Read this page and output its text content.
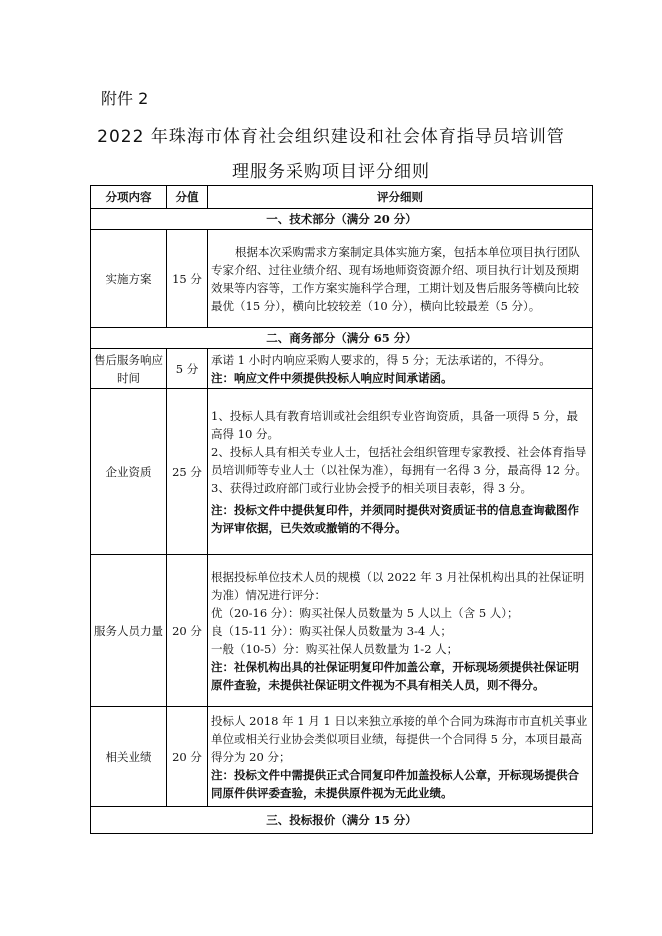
附件 2
2022 年珠海市体育社会组织建设和社会体育指导员培训管
理服务采购项目评分细则
分项内容	分值	评分细则
一、技术部分（满分 20 分）		
实施方案	15 分	根据本次采购需求方案制定具体实施方案，包括本单位项目执行团队专家介绍、过往业绩介绍、现有场地师资资源介绍、项目执行计划及预期效果等内容等，工作方案实施科学合理，工期计划及售后服务等横向比较最优（15 分），横向比较较差（10 分），横向比较最差（5 分）。

二、商务部分（满分 65 分）		
售后服务响应时间	5 分	承诺 1 小时内响应采购人要求的，得 5 分；无法承诺的，不得分。

注：响应文件中须提供投标人响应时间承诺函。

企业资质	25 分	1、投标人具有教育培训或社会组织专业咨询资质，具备一项得 5 分，最高得 10 分。

2、投标人具有相关专业人士，包括社会组织管理专家教授、社会体育指导员培训师等专业人士（以社保为准），每拥有一名得 3 分，最高得 12 分。

3、获得过政府部门或行业协会授予的相关项目表彰，得 3 分。

注：投标文件中提供复印件，并须同时提供对资质证书的信息查询截图作为评审依据，已失效或撤销的不得分。

服务人员力量	20 分	根据投标单位技术人员的规模（以 2022 年 3 月社保机构出具的社保证明为准）情况进行评分：

优（20-16 分）：购买社保人员数量为 5 人以上（含 5 人）；

良（15-11 分）：购买社保人员数量为 3-4 人；

一般（10-5）分：购买社保人员数量为 1-2 人；

注：社保机构出具的社保证明复印件加盖公章，开标现场须提供社保证明原件查验，未提供社保证明文件视为不具有相关人员，则不得分。

相关业绩	20 分	投标人 2018 年 1 月 1 日以来独立承接的单个合同为珠海市市直机关事业单位或相关行业协会类似项目业绩，每提供一个合同得 5 分，本项目最高得分为 20 分；

注：投标文件中需提供正式合同复印件加盖投标人公章，开标现场提供合同原件供评委查验，未提供原件视为无此业绩。

三、投标报价（满分 15 分）		
